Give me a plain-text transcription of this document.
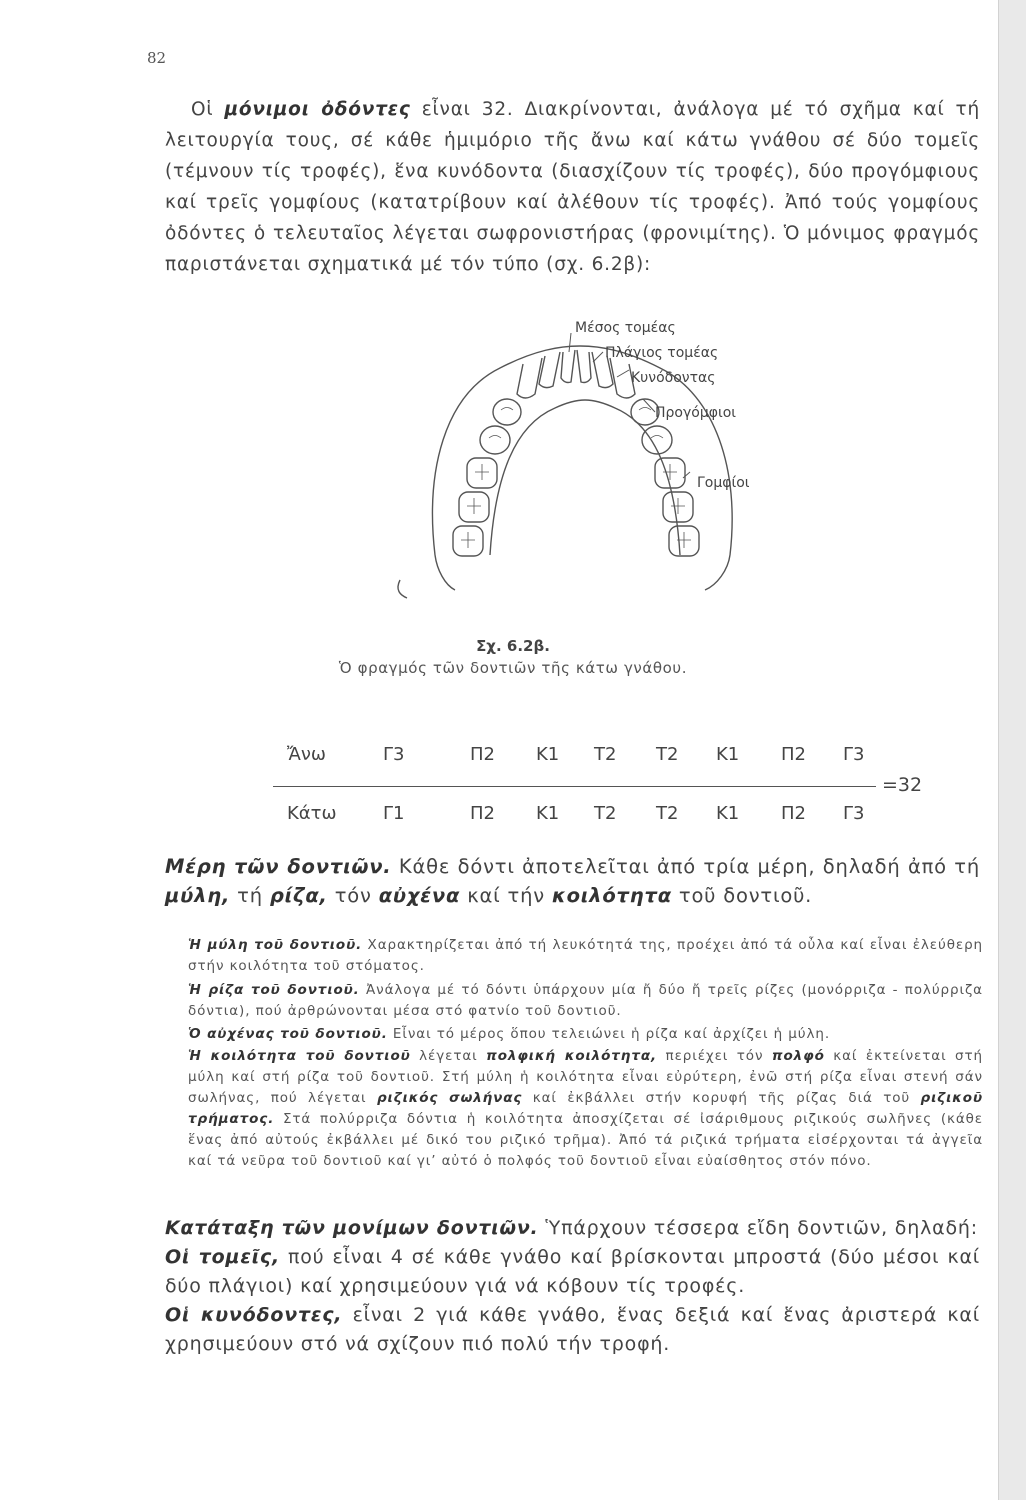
82

Οἱ μόνιμοι ὀδόντες εἶναι 32. Διακρίνονται, ἀνάλογα μέ τό σχῆμα καί τή λειτουργία τους, σέ κάθε ἡμιμόριο τῆς ἄνω καί κάτω γνάθου σέ δύο τομεῖς (τέμνουν τίς τροφές), ἕνα κυνόδοντα (διασχίζουν τίς τροφές), δύο προγόμφιους καί τρεῖς γομφίους (κατατρίβουν καί ἀλέθουν τίς τροφές). Ἀπό τούς γομφίους ὀδόντες ὁ τελευταῖος λέγεται σωφρονιστήρας (φρονιμίτης). Ὁ μόνιμος φραγμός παριστάνεται σχηματικά μέ τόν τύπο (σχ. 6.2β):

Μέσος τομέας
Πλάγιος τομέας
Κυνόδοντας
Προγόμφιοι
Γομφίοι
Σχ. 6.2β.
Ὁ φραγμός τῶν δοντιῶν τῆς κάτω γνάθου.
Ἄνω	Γ3	Π2 Κ1 Τ2 Τ2 Κ1 Π2 Γ3
=32
Κάτω	Γ1	Π2 Κ1 Τ2 Τ2 Κ1 Π2 Γ3

Μέρη τῶν δοντιῶν. Κάθε δόντι ἀποτελεῖται ἀπό τρία μέρη, δηλαδή ἀπό τή μύλη, τή ρίζα, τόν αὐχένα καί τήν κοιλότητα τοῦ δοντιοῦ.

Ἡ μύλη τοῦ δοντιοῦ. Χαρακτηρίζεται ἀπό τή λευκότητά της, προέχει ἀπό τά οὖλα καί εἶναι ἐλεύθερη στήν κοιλότητα τοῦ στόματος.

Ἡ ρίζα τοῦ δοντιοῦ. Ἀνάλογα μέ τό δόντι ὑπάρχουν μία ἤ δύο ἤ τρεῖς ρίζες (μονόρριζα - πολύρριζα δόντια), πού ἀρθρώνονται μέσα στό φατνίο τοῦ δοντιοῦ.

Ὁ αὐχένας τοῦ δοντιοῦ. Εἶναι τό μέρος ὅπου τελειώνει ἡ ρίζα καί ἀρχίζει ἡ μύλη.

Ἡ κοιλότητα τοῦ δοντιοῦ λέγεται πολφική κοιλότητα, περιέχει τόν πολφό καί ἐκτείνεται στή μύλη καί στή ρίζα τοῦ δοντιοῦ. Στή μύλη ἡ κοιλότητα εἶναι εὐρύτερη, ἐνῶ στή ρίζα εἶναι στενή σάν σωλήνας, πού λέγεται ριζικός σωλήνας καί ἐκβάλλει στήν κορυφή τῆς ρίζας διά τοῦ ριζικοῦ τρήματος. Στά πολύρριζα δόντια ἡ κοιλότητα ἀποσχίζεται σέ ἰσάριθμους ριζικούς σωλῆνες (κάθε ἕνας ἀπό αὐτούς ἐκβάλλει μέ δικό του ριζικό τρῆμα). Ἀπό τά ριζικά τρήματα εἰσέρχονται τά ἀγγεῖα καί τά νεῦρα τοῦ δοντιοῦ καί γι’ αὐτό ὁ πολφός τοῦ δοντιοῦ εἶναι εὐαίσθητος στόν πόνο.

Κατάταξη τῶν μονίμων δοντιῶν. Ὑπάρχουν τέσσερα εἴδη δοντιῶν, δηλαδή:
Οἱ τομεῖς, πού εἶναι 4 σέ κάθε γνάθο καί βρίσκονται μπροστά (δύο μέσοι καί δύο πλάγιοι) καί χρησιμεύουν γιά νά κόβουν τίς τροφές.
Οἱ κυνόδοντες, εἶναι 2 γιά κάθε γνάθο, ἕνας δεξιά καί ἕνας ἀριστερά καί χρησιμεύουν στό νά σχίζουν πιό πολύ τήν τροφή.
